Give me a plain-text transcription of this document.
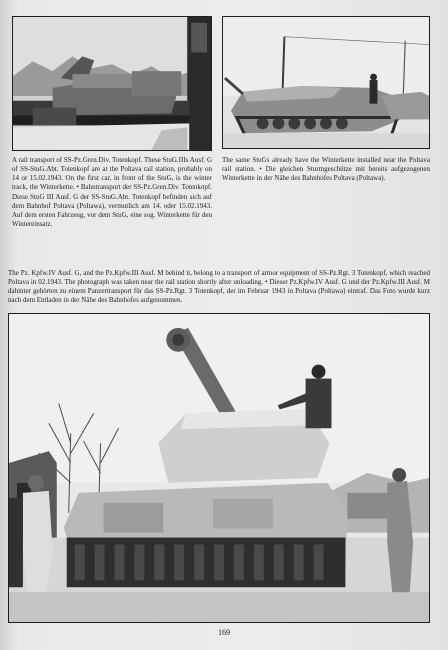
A rail transport of SS-Pz.Gren.Div. Totenkopf. These StuG.IIIs Ausf. G of SS-StuG.Abt. Totenkopf are at the Poltava rail station, probably on 14 or 15.02.1943. On the first car, in front of the StuG, is the winter track, the Winterkette. • Bahntransport der SS-Pz.Gren.Div. Totenkopf. Diese StuG III Ausf. G der SS-StuG.Abt. Totenkopf befinden sich auf dem Bahnhof Poltava (Poltawa), vermutlich am 14. oder 15.02.1943. Auf dem ersten Fahrzeug, vor dem StuG, eine sog. Winterkette für den Wintereinsatz.

The same StuGs already have the Winterkette installed near the Poltava rail station. • Die gleichen Sturmgeschütze mit bereits aufgezogenen Winterkette in der Nähe des Bahnhofes Poltava (Poltawa).

The Pz. Kpfw.IV Ausf. G, and the Pz.Kpfw.III Ausf. M behind it, belong to a transport of armor equipment of SS-Pz.Rgt. 3 Totenkopf, which reached Poltava in 02.1943. The photograph was taken near the rail station shortly after unloading. • Dieser Pz.Kpfw.IV Ausf. G und der Pz.Kpfw.III Ausf. M dahinter gehörten zu einem Panzertransport für das SS-Pz.Rgt. 3 Totenkopf, der im Februar 1943 in Poltava (Poltawa) eintraf. Das Foto wurde kurz nach dem Entladen in der Nähe des Bahnhofes aufgenommen.

169
